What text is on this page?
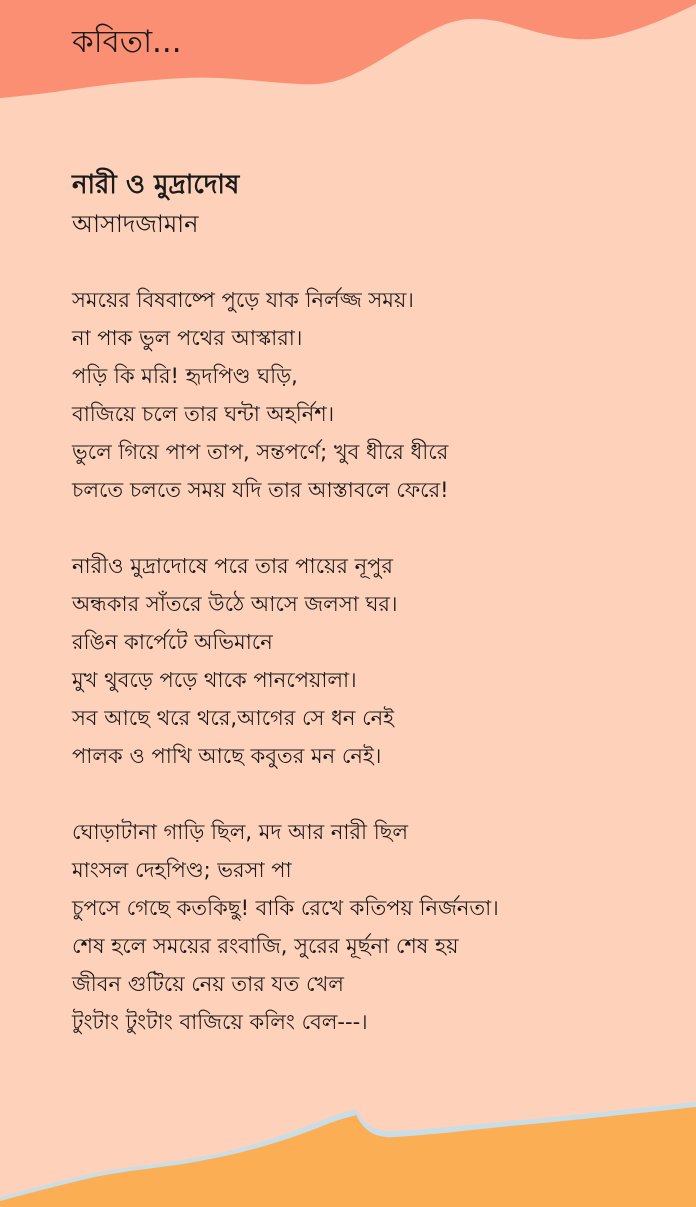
কবিতা...
নারী ও মুদ্রাদোষ
আসাদজামান
সময়ের বিষবাষ্পে পুড়ে যাক নির্লজ্জ সময়।
না পাক ভুল পথের আস্কারা।
পড়ি কি মরি! হৃদপিণ্ড ঘড়ি,
বাজিয়ে চলে তার ঘন্টা অহর্নিশ।
ভুলে গিয়ে পাপ তাপ, সন্তপর্ণে; খুব ধীরে ধীরে
চলতে চলতে সময় যদি তার আস্তাবলে ফেরে!
নারীও মুদ্রাদোষে পরে তার পায়ের নূপুর
অন্ধকার সাঁতরে উঠে আসে জলসা ঘর।
রঙিন কার্পেটে অভিমানে
মুখ থুবড়ে পড়ে থাকে পানপেয়ালা।
সব আছে থরে থরে,আগের সে ধন নেই
পালক ও পাখি আছে কবুতর মন নেই।
ঘোড়াটানা গাড়ি ছিল, মদ আর নারী ছিল
মাংসল দেহপিণ্ড; ভরসা পা
চুপসে গেছে কতকিছু! বাকি রেখে কতিপয় নির্জনতা।
শেষ হলে সময়ের রংবাজি, সুরের মূর্ছনা শেষ হয়
জীবন গুটিয়ে নেয় তার যত খেল
টুংটাং টুংটাং বাজিয়ে কলিং বেল---।
